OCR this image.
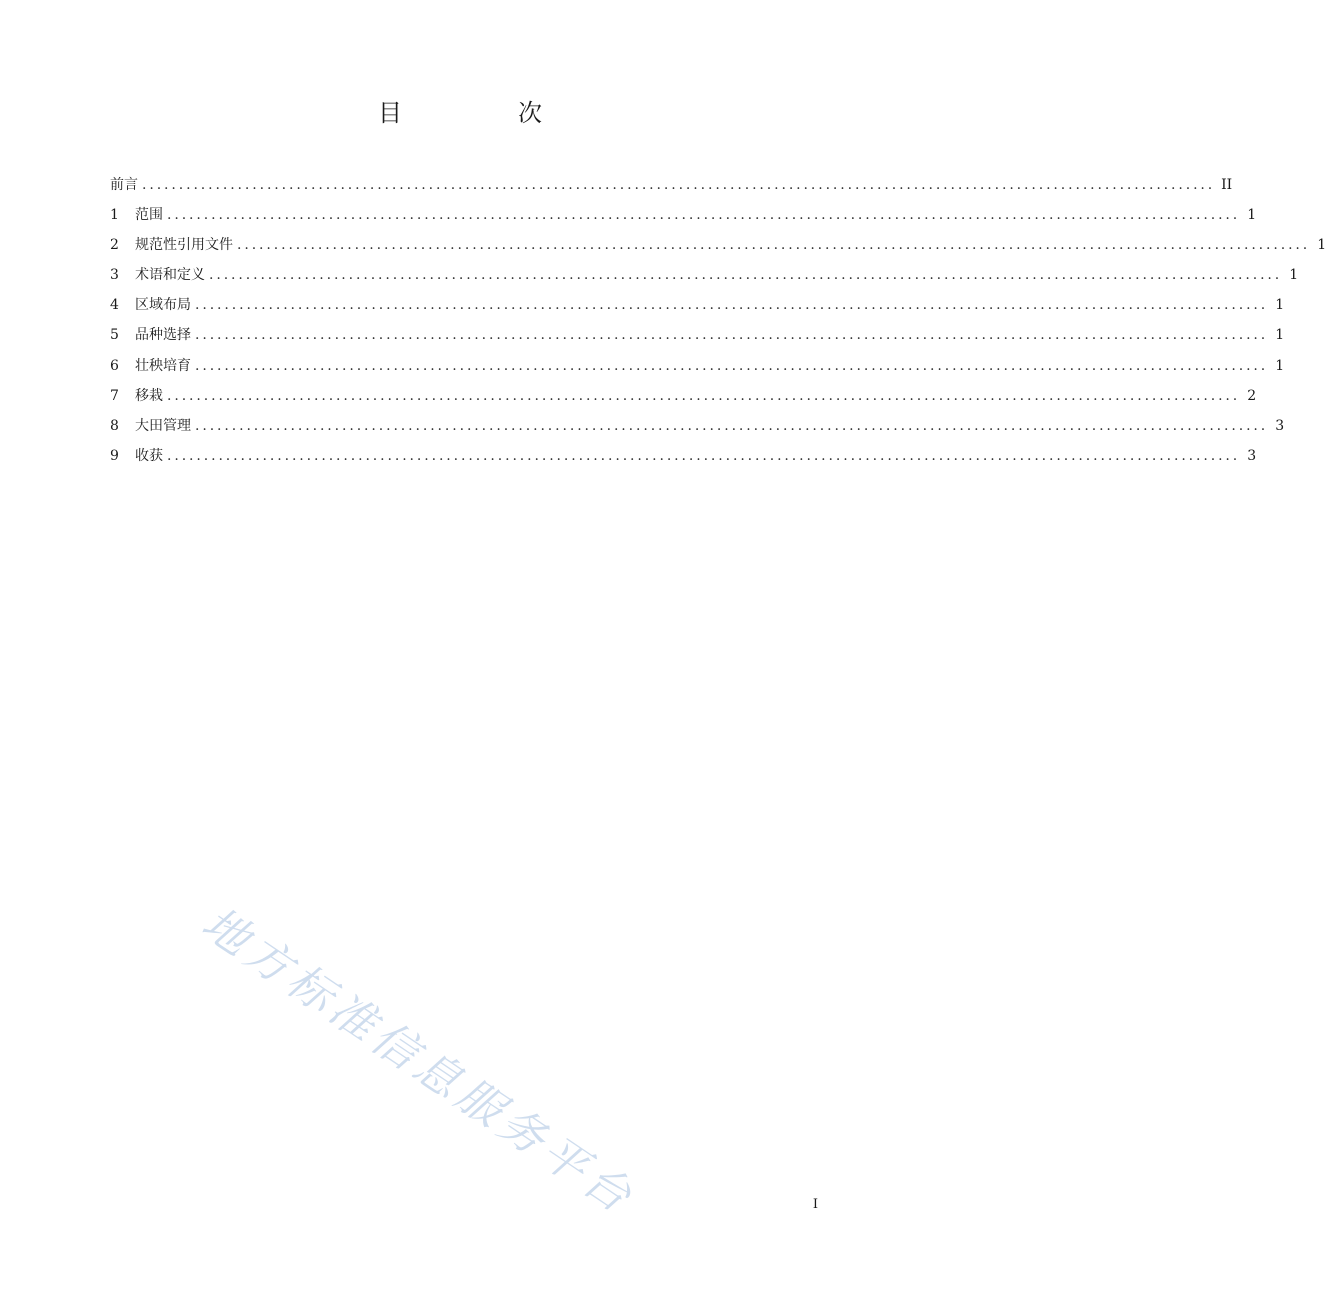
目　次
前言 .................................................................................................................................................. II
1	范围 .................................................................................................................................................. 1
2	规范性引用文件 .................................................................................................................................................. 1
3	术语和定义 .................................................................................................................................................. 1
4	区域布局 .................................................................................................................................................. 1
5	品种选择 .................................................................................................................................................. 1
6	壮秧培育 .................................................................................................................................................. 1
7	移栽 .................................................................................................................................................. 2
8	大田管理 .................................................................................................................................................. 3
9	收获 .................................................................................................................................................. 3
地方标准信息服务平台	I
